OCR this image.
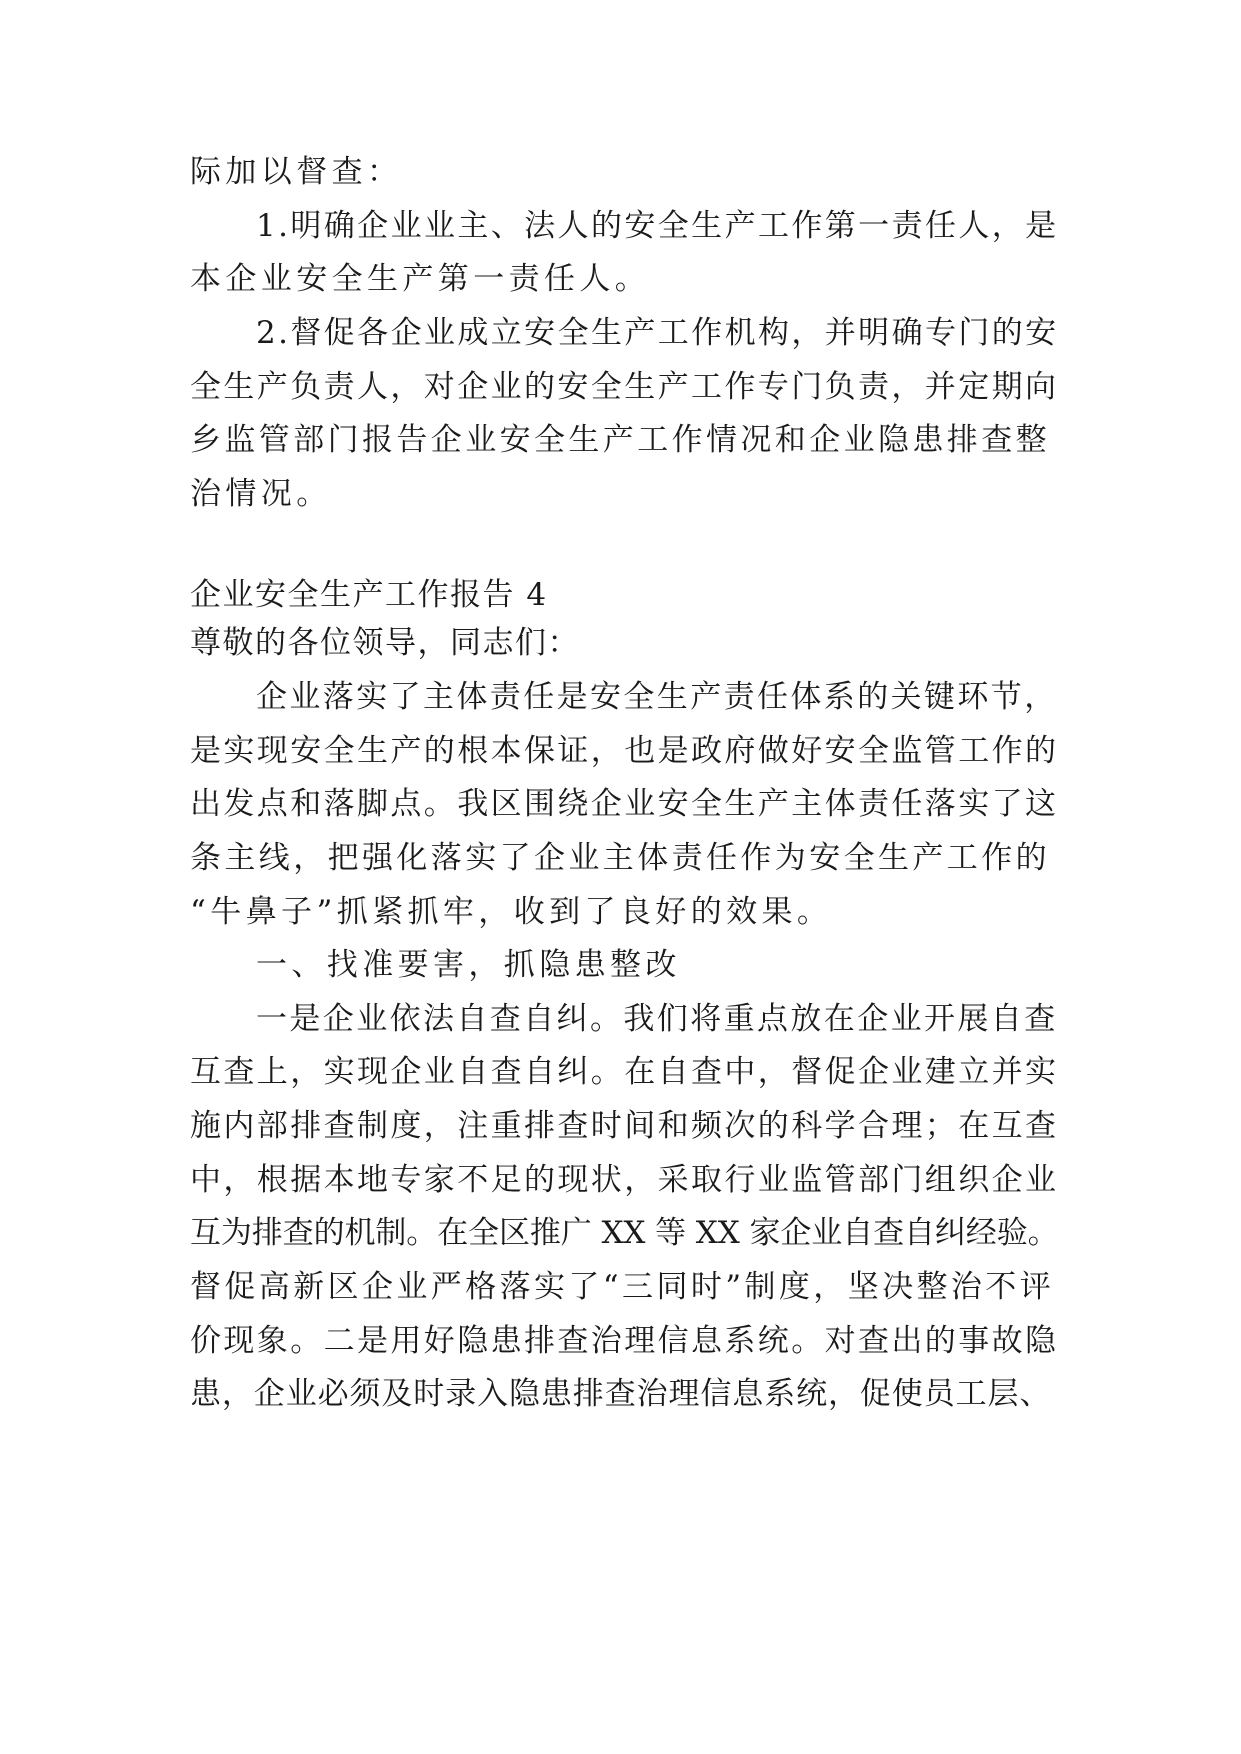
际加以督查：
1.明确企业业主、法人的安全生产工作第一责任人，是
本企业安全生产第一责任人。
2.督促各企业成立安全生产工作机构，并明确专门的安
全生产负责人，对企业的安全生产工作专门负责，并定期向
乡监管部门报告企业安全生产工作情况和企业隐患排查整
治情况。
企业安全生产工作报告 4
尊敬的各位领导，同志们：
企业落实了主体责任是安全生产责任体系的关键环节，
是实现安全生产的根本保证，也是政府做好安全监管工作的
出发点和落脚点。我区围绕企业安全生产主体责任落实了这
条主线，把强化落实了企业主体责任作为安全生产工作的
“牛鼻子”抓紧抓牢，收到了良好的效果。
一、找准要害，抓隐患整改
一是企业依法自查自纠。我们将重点放在企业开展自查
互查上，实现企业自查自纠。在自查中，督促企业建立并实
施内部排查制度，注重排查时间和频次的科学合理；在互查
中，根据本地专家不足的现状，采取行业监管部门组织企业
互为排查的机制。在全区推广 XX 等 XX 家企业自查自纠经验。
督促高新区企业严格落实了“三同时”制度，坚决整治不评
价现象。二是用好隐患排查治理信息系统。对查出的事故隐
患，企业必须及时录入隐患排查治理信息系统，促使员工层、
